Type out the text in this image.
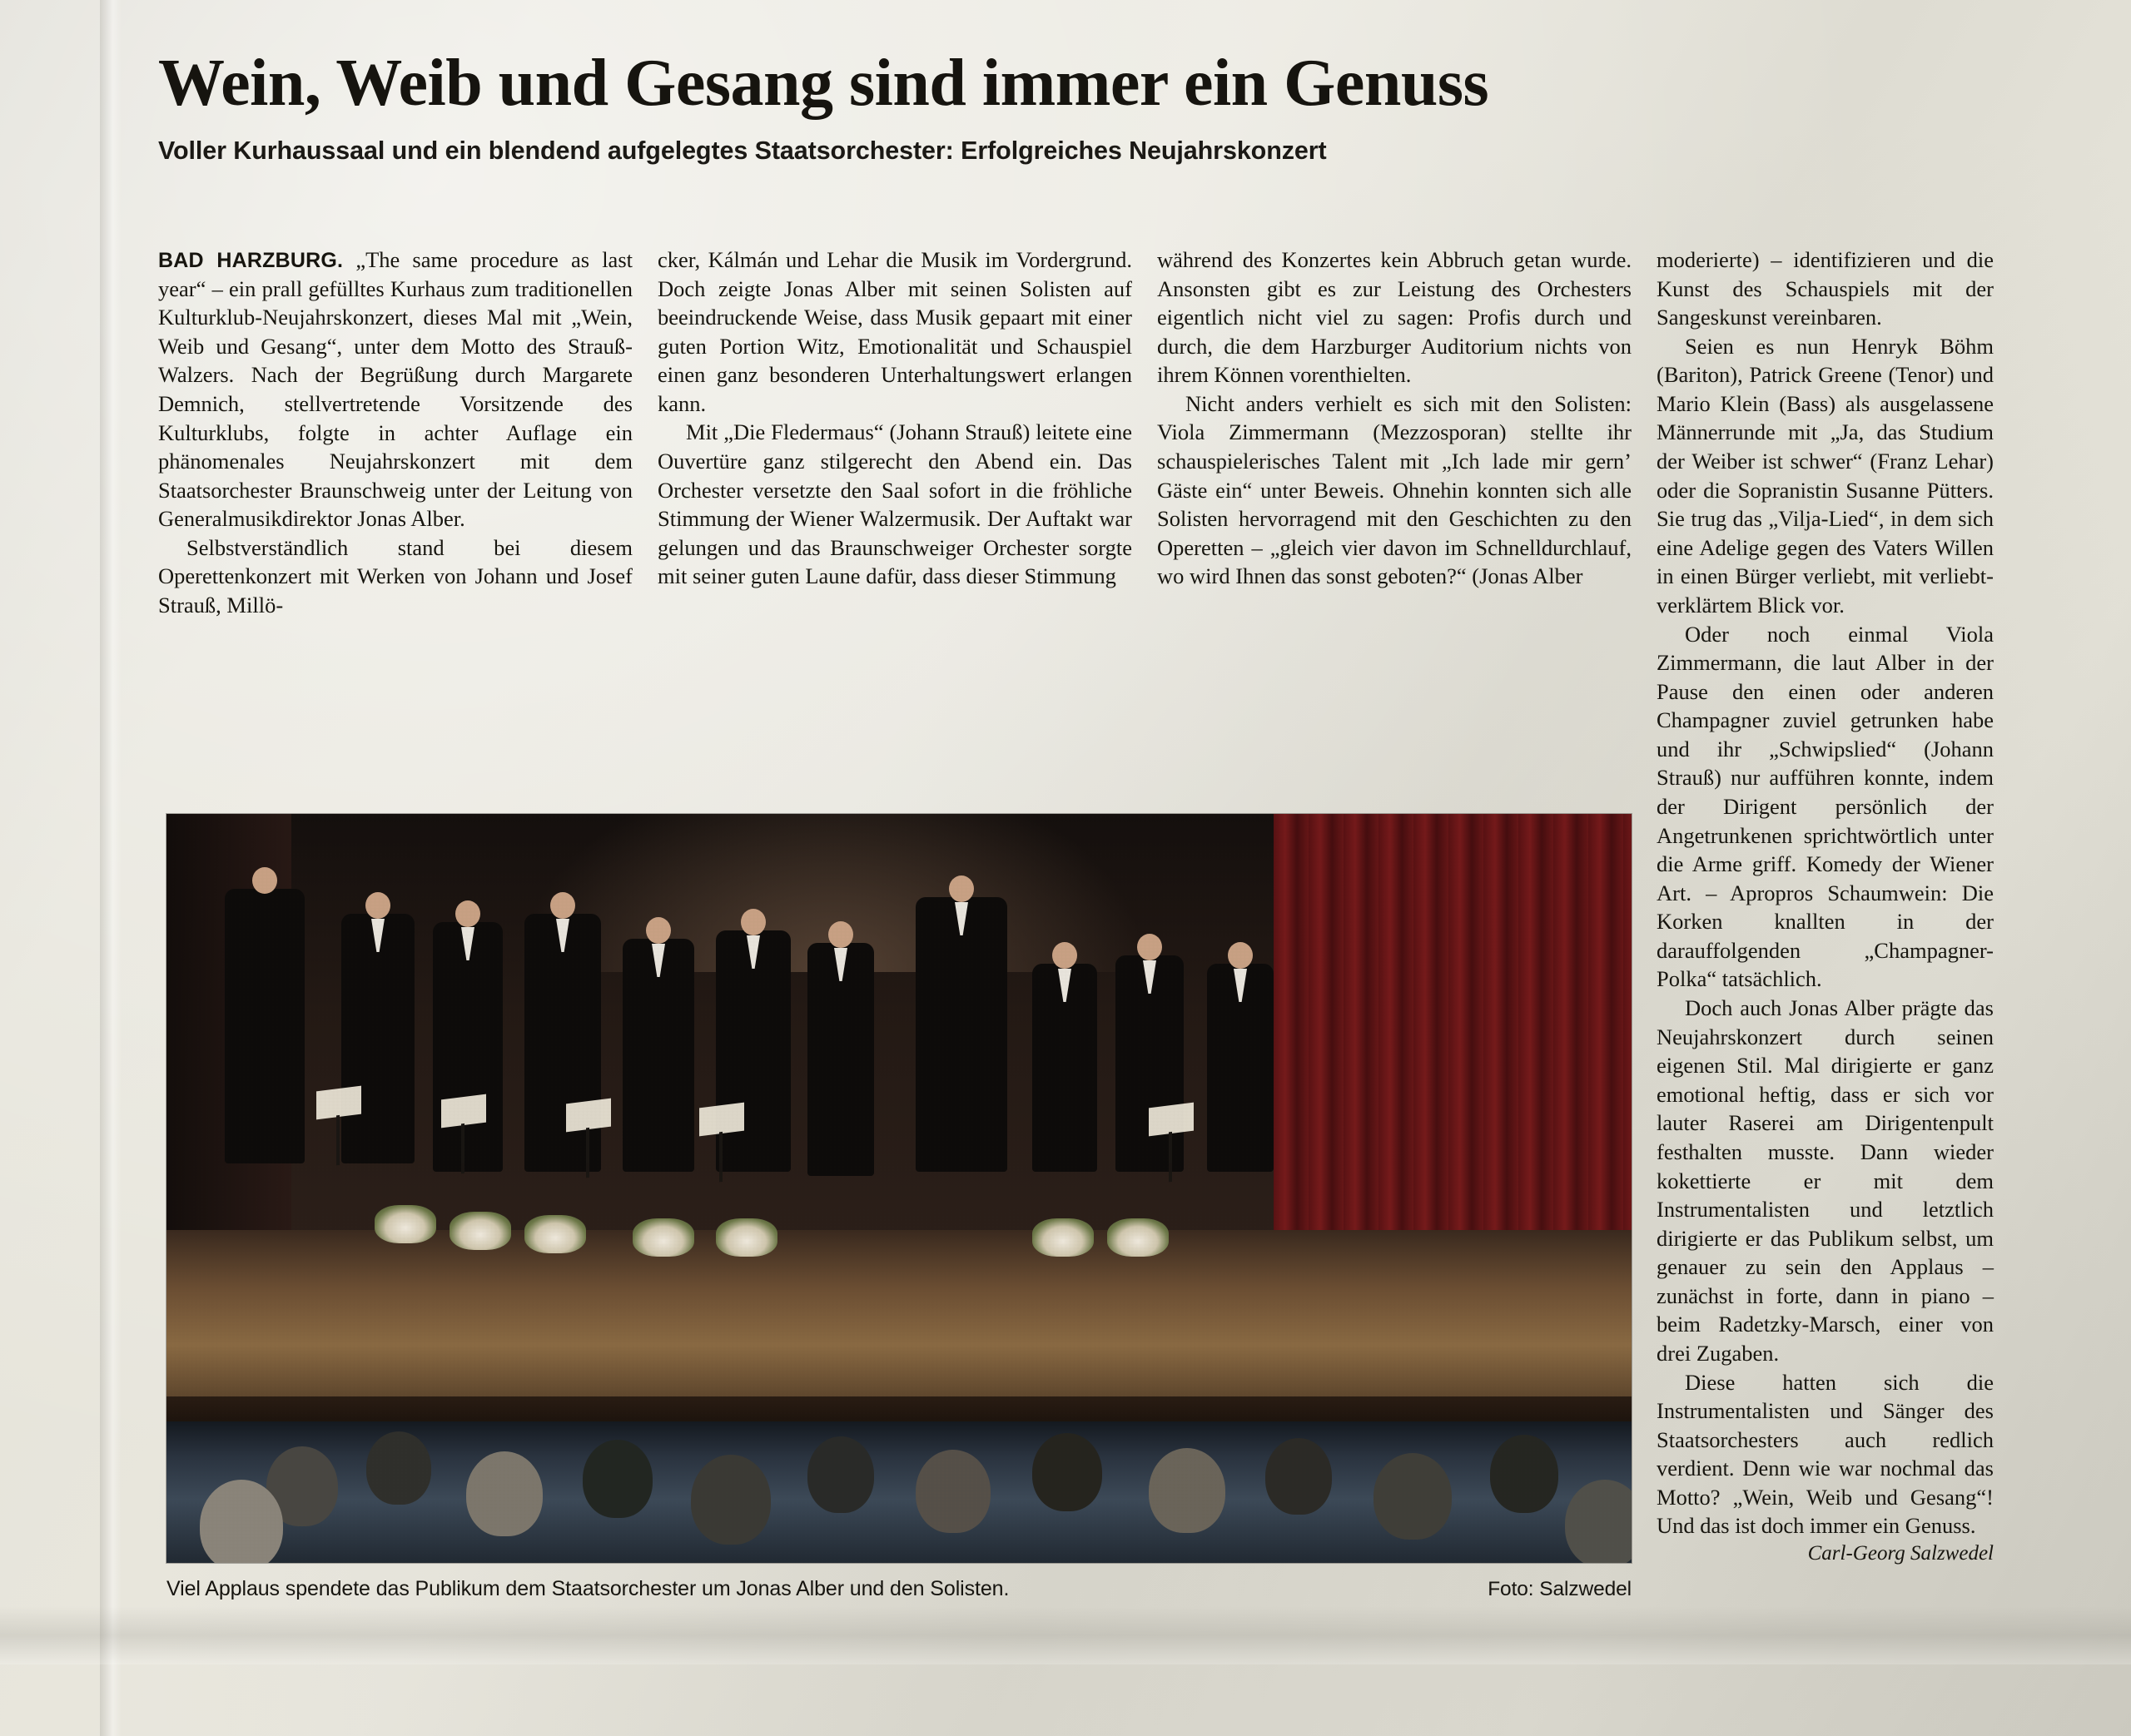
Wein, Weib und Gesang sind immer ein Genuss
Voller Kurhaussaal und ein blendend aufgelegtes Staatsorchester: Erfolgreiches Neujahrskonzert

BAD HARZBURG. „The same procedure as last year“ – ein prall gefülltes Kurhaus zum traditionellen Kulturklub-Neujahrskonzert, dieses Mal mit „Wein, Weib und Gesang“, unter dem Motto des Strauß-Walzers. Nach der Begrüßung durch Margarete Demnich, stellvertretende Vorsitzende des Kulturklubs, folgte in achter Auflage ein phänomenales Neujahrskonzert mit dem Staatsorchester Braunschweig unter der Leitung von Generalmusikdirektor Jonas Alber.

Selbstverständlich stand bei diesem Operettenkonzert mit Werken von Johann und Josef Strauß, Millö-

cker, Kálmán und Lehar die Musik im Vordergrund. Doch zeigte Jonas Alber mit seinen Solisten auf beeindruckende Weise, dass Musik gepaart mit einer guten Portion Witz, Emotionalität und Schauspiel einen ganz besonderen Unterhaltungswert erlangen kann.

Mit „Die Fledermaus“ (Johann Strauß) leitete eine Ouvertüre ganz stilgerecht den Abend ein. Das Orchester versetzte den Saal sofort in die fröhliche Stimmung der Wiener Walzermusik. Der Auftakt war gelungen und das Braunschweiger Orchester sorgte mit seiner guten Laune dafür, dass dieser Stimmung

während des Konzertes kein Abbruch getan wurde. Ansonsten gibt es zur Leistung des Orchesters eigentlich nicht viel zu sagen: Profis durch und durch, die dem Harzburger Auditorium nichts von ihrem Können vorenthielten.

Nicht anders verhielt es sich mit den Solisten: Viola Zimmermann (Mezzosporan) stellte ihr schauspielerisches Talent mit „Ich lade mir gern’ Gäste ein“ unter Beweis. Ohnehin konnten sich alle Solisten hervorragend mit den Geschichten zu den Operetten – „gleich vier davon im Schnelldurchlauf, wo wird Ihnen das sonst geboten?“ (Jonas Alber

moderierte) – identifizieren und die Kunst des Schauspiels mit der Sangeskunst vereinbaren.

Seien es nun Henryk Böhm (Bariton), Patrick Greene (Tenor) und Mario Klein (Bass) als ausgelassene Männerrunde mit „Ja, das Studium der Weiber ist schwer“ (Franz Lehar) oder die Sopranistin Susanne Pütters. Sie trug das „Vilja-Lied“, in dem sich eine Adelige gegen des Vaters Willen in einen Bürger verliebt, mit verliebt-verklärtem Blick vor.

Oder noch einmal Viola Zimmermann, die laut Alber in der Pause den einen oder anderen Champagner zuviel getrunken habe und ihr „Schwipslied“ (Johann Strauß) nur aufführen konnte, indem der Dirigent persönlich der Angetrunkenen sprichtwörtlich unter die Arme griff. Komedy der Wiener Art. – Apropros Schaumwein: Die Korken knallten in der darauffolgenden „Champagner-Polka“ tatsächlich.

Doch auch Jonas Alber prägte das Neujahrskonzert durch seinen eigenen Stil. Mal dirigierte er ganz emotional heftig, dass er sich vor lauter Raserei am Dirigentenpult festhalten musste. Dann wieder kokettierte er mit dem Instrumentalisten und letztlich dirigierte er das Publikum selbst, um genauer zu sein den Applaus – zunächst in forte, dann in piano – beim Radetzky-Marsch, einer von drei Zugaben.

Diese hatten sich die Instrumentalisten und Sänger des Staatsorchesters auch redlich verdient. Denn wie war nochmal das Motto? „Wein, Weib und Gesang“! Und das ist doch immer ein Genuss.

Carl-Georg Salzwedel

Viel Applaus spendete das Publikum dem Staatsorchester um Jonas Alber und den Solisten.	Foto: Salzwedel
